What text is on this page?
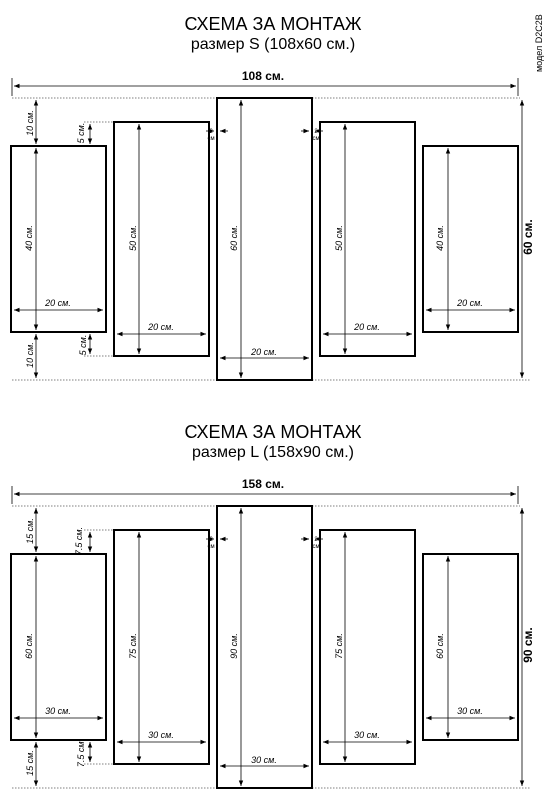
модел D2C2B
СХЕМА ЗА МОНТАЖ
размер S (108x60 см.)
108 см.
60 см.
20 см.
40 см.
10 см.
10 см.
20 см.
50 см.
5 см.
5 см.	20 см.
60 см.
20 см.
50 см.
20 см.
40 см.
2
см
2
см
СХЕМА ЗА МОНТАЖ
размер L (158x90 см.)
158 см.
90 см.
30 см.
60 см.
15 см.
15 см.
30 см.
75 см.
7.5 см.
7.5 см.	30 см.
90 см.
30 см.
75 см.
30 см.
60 см.
2
см
2
см
